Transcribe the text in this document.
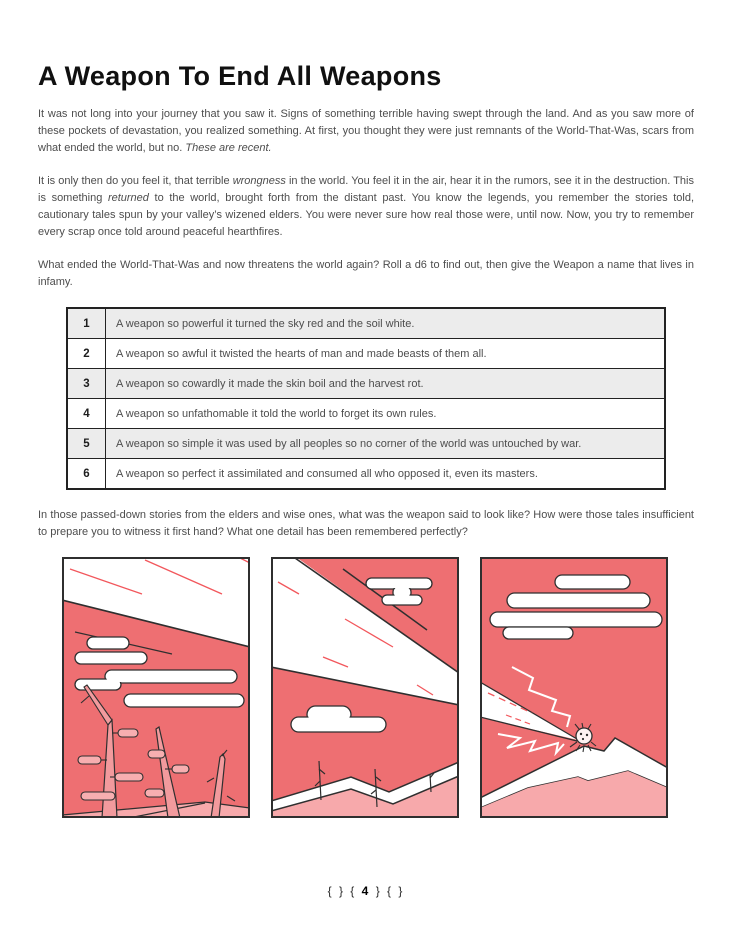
A Weapon To End All Weapons

It was not long into your journey that you saw it. Signs of something terrible having swept through the land. And as you saw more of these pockets of devastation, you realized something. At first, you thought they were just remnants of the World-That-Was, scars from what ended the world, but no. These are recent.

It is only then do you feel it, that terrible wrongness in the world. You feel it in the air, hear it in the rumors, see it in the destruction. This is something returned to the world, brought forth from the distant past. You know the legends, you remember the stories told, cautionary tales spun by your valley’s wizened elders. You were never sure how real those were, until now. Now, you try to remember every scrap once told around peaceful hearthfires.

What ended the World-That-Was and now threatens the world again? Roll a d6 to find out, then give the Weapon a name that lives in infamy.

1	A weapon so powerful it turned the sky red and the soil white.
2	A weapon so awful it twisted the hearts of man and made beasts of them all.
3	A weapon so cowardly it made the skin boil and the harvest rot.
4	A weapon so unfathomable it told the world to forget its own rules.
5	A weapon so simple it was used by all peoples so no corner of the world was untouched by war.
6	A weapon so perfect it assimilated and consumed all who opposed it, even its masters.

In those passed-down stories from the elders and wise ones, what was the weapon said to look like? How were those tales insufficient to prepare you to witness it first hand? What one detail has been remembered perfectly?

{ } { 4 } { }
